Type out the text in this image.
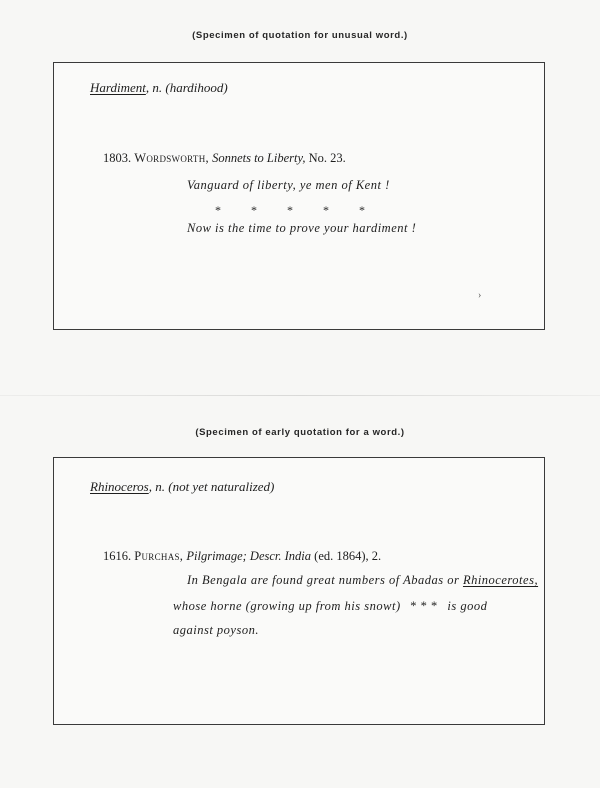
(Specimen of quotation for unusual word.)
Hardiment, n. (hardihood)
1803. Wordsworth, Sonnets to Liberty, No. 23.
Vanguard of liberty, ye men of Kent !
*	*	*	*	*
Now is the time to prove your hardiment !
›
(Specimen of early quotation for a word.)
Rhinoceros, n. (not yet naturalized)
1616. Purchas, Pilgrimage; Descr. India (ed. 1864), 2.
In Bengala are found great numbers of Abadas or Rhinocerotes,
whose horne (growing up from his snowt) * * * is good
against poyson.
